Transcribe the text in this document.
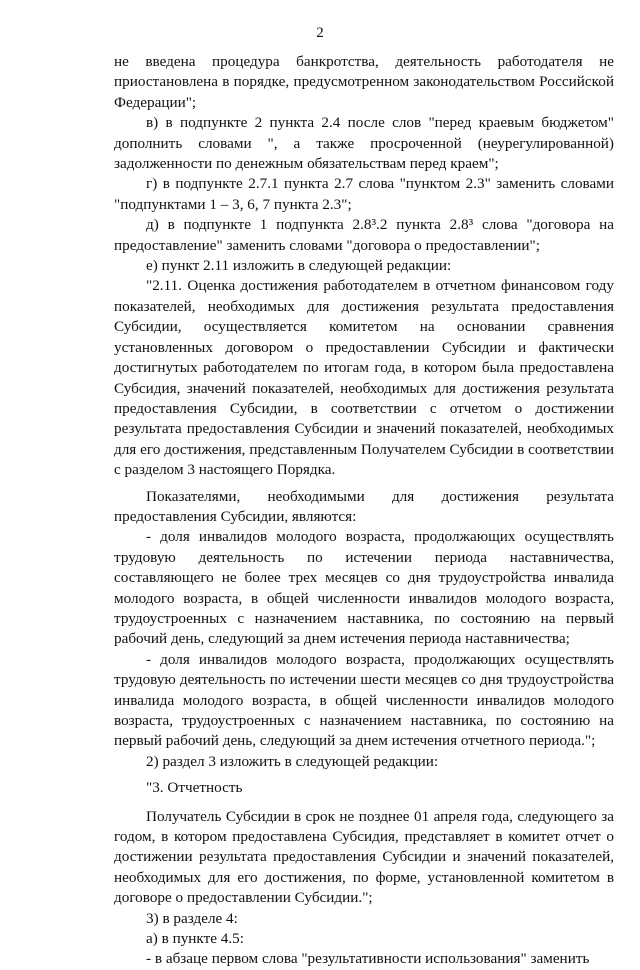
2

не введена процедура банкротства, деятельность работодателя не приостановлена в порядке, предусмотренном законодательством Российской Федерации";

в) в подпункте 2 пункта 2.4 после слов "перед краевым бюджетом" дополнить словами ", а также просроченной (неурегулированной) задолженности по денежным обязательствам перед краем";

г) в подпункте 2.7.1 пункта 2.7 слова "пунктом 2.3" заменить словами "подпунктами 1 – 3, 6, 7 пункта 2.3";

д) в подпункте 1 подпункта 2.8³.2 пункта 2.8³ слова "договора на предоставление" заменить словами "договора о предоставлении";

е) пункт 2.11 изложить в следующей редакции:

"2.11. Оценка достижения работодателем в отчетном финансовом году показателей, необходимых для достижения результата предоставления Субсидии, осуществляется комитетом на основании сравнения установленных договором о предоставлении Субсидии и фактически достигнутых работодателем по итогам года, в котором была предоставлена Субсидия, значений показателей, необходимых для достижения результата предоставления Субсидии, в соответствии с отчетом о достижении результата предоставления Субсидии и значений показателей, необходимых для его достижения, представленным Получателем Субсидии в соответствии с разделом 3 настоящего Порядка.

Показателями, необходимыми для достижения результата предоставления Субсидии, являются:

- доля инвалидов молодого возраста, продолжающих осуществлять трудовую деятельность по истечении периода наставничества, составляющего не более трех месяцев со дня трудоустройства инвалида молодого возраста, в общей численности инвалидов молодого возраста, трудоустроенных с назначением наставника, по состоянию на первый рабочий день, следующий за днем истечения периода наставничества;

- доля инвалидов молодого возраста, продолжающих осуществлять трудовую деятельность по истечении шести месяцев со дня трудоустройства инвалида молодого возраста, в общей численности инвалидов молодого возраста, трудоустроенных с назначением наставника, по состоянию на первый рабочий день, следующий за днем истечения отчетного периода.";

2) раздел 3 изложить в следующей редакции:

"3. Отчетность

Получатель Субсидии в срок не позднее 01 апреля года, следующего за годом, в котором предоставлена Субсидия, представляет в комитет отчет о достижении результата предоставления Субсидии и значений показателей, необходимых для его достижения, по форме, установленной комитетом в договоре о предоставлении Субсидии.";

3) в разделе 4:

а) в пункте 4.5:

- в абзаце первом слова "результативности использования" заменить
